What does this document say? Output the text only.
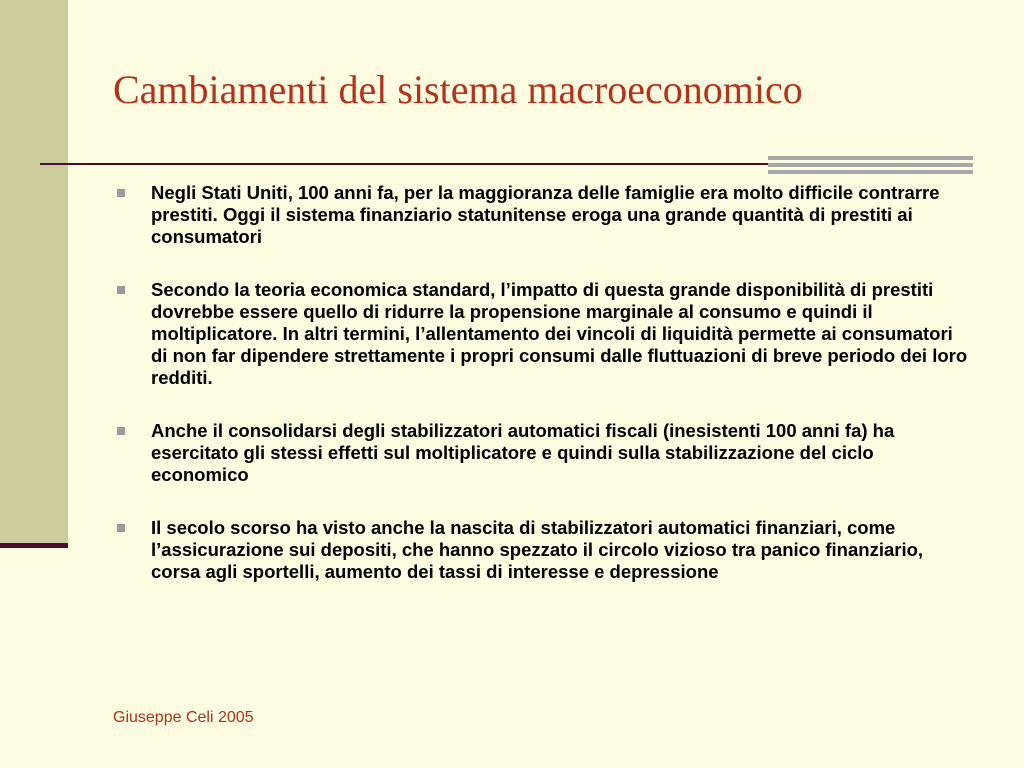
Cambiamenti del sistema macroeconomico
Negli Stati Uniti, 100 anni fa, per la maggioranza delle famiglie era molto difficile contrarre prestiti. Oggi il sistema finanziario statunitense eroga una grande quantità di prestiti ai consumatori
Secondo la teoria economica standard, l’impatto di questa grande disponibilità di prestiti dovrebbe essere quello di ridurre la propensione marginale al consumo e quindi il moltiplicatore. In altri termini, l’allentamento dei vincoli di liquidità permette ai consumatori di non far dipendere strettamente i propri consumi dalle fluttuazioni di breve periodo dei loro redditi.
Anche il consolidarsi degli stabilizzatori automatici fiscali (inesistenti 100 anni fa) ha esercitato gli stessi effetti sul moltiplicatore e quindi sulla stabilizzazione del ciclo economico
Il secolo scorso ha visto anche la nascita di stabilizzatori automatici finanziari, come l’assicurazione sui depositi, che hanno spezzato il circolo vizioso tra panico finanziario, corsa agli sportelli, aumento dei tassi di interesse e depressione
Giuseppe Celi 2005
